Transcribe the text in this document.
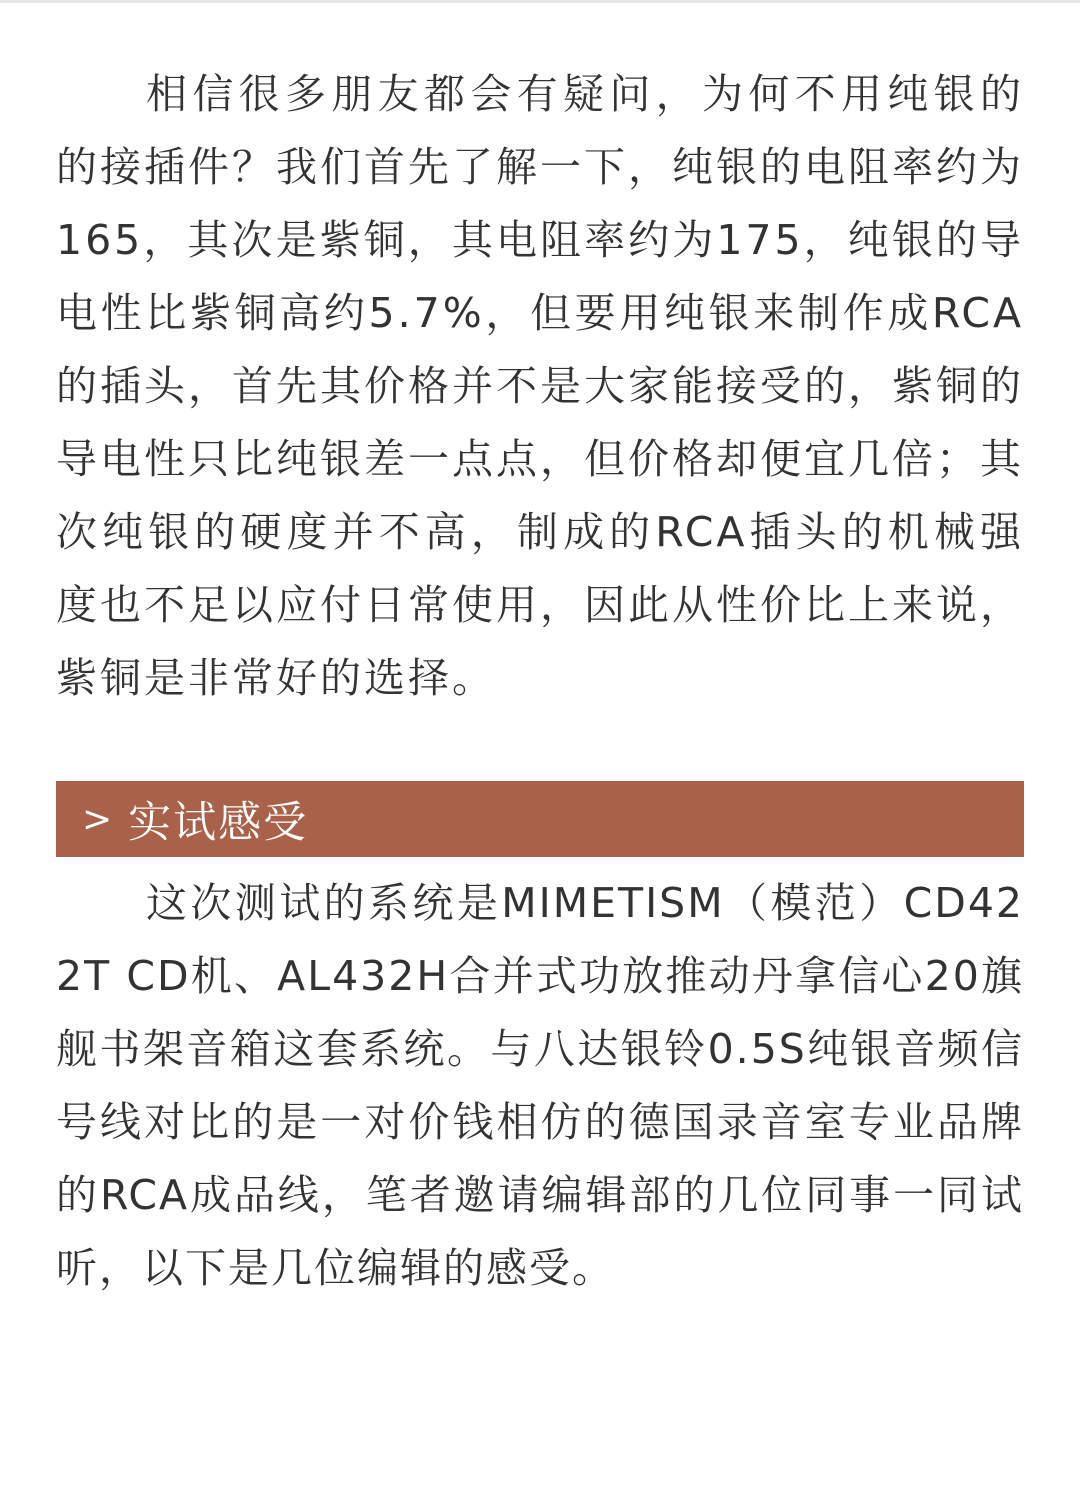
相信很多朋友都会有疑问，为何不用纯银的的接插件？我们首先了解一下，纯银的电阻率约为165，其次是紫铜，其电阻率约为175，纯银的导电性比紫铜高约5.7%，但要用纯银来制作成RCA的插头，首先其价格并不是大家能接受的，紫铜的导电性只比纯银差一点点，但价格却便宜几倍；其次纯银的硬度并不高，制成的RCA插头的机械强度也不足以应付日常使用，因此从性价比上来说，紫铜是非常好的选择。

> 实试感受

这次测试的系统是MIMETISM（模范）CD422T CD机、AL432H合并式功放推动丹拿信心20旗舰书架音箱这套系统。与八达银铃0.5S纯银音频信号线对比的是一对价钱相仿的德国录音室专业品牌的RCA成品线，笔者邀请编辑部的几位同事一同试听，以下是几位编辑的感受。
